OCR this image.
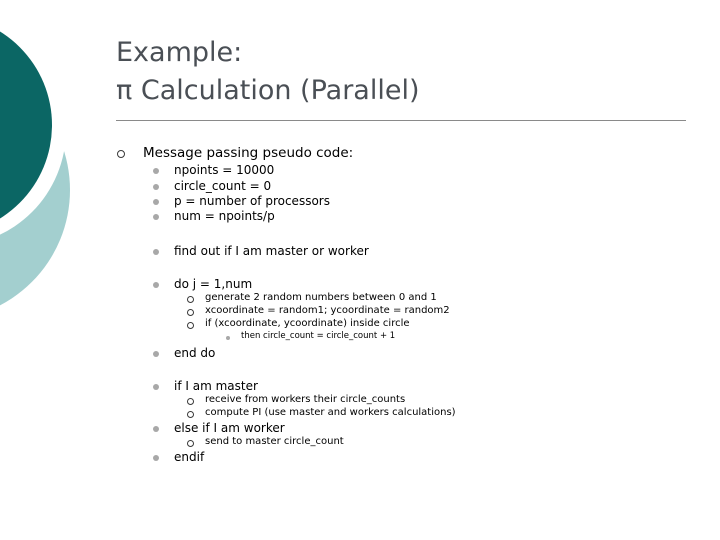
Example:
π Calculation (Parallel)
Message passing pseudo code:
npoints = 10000
circle_count = 0
p = number of processors
num = npoints/p
find out if I am master or worker
do j = 1,num
generate 2 random numbers between 0 and 1
xcoordinate = random1; ycoordinate = random2
if (xcoordinate, ycoordinate) inside circle
then circle_count = circle_count + 1
end do
if I am master
receive from workers their circle_counts
compute PI (use master and workers calculations)
else if I am worker
send to master circle_count
endif
